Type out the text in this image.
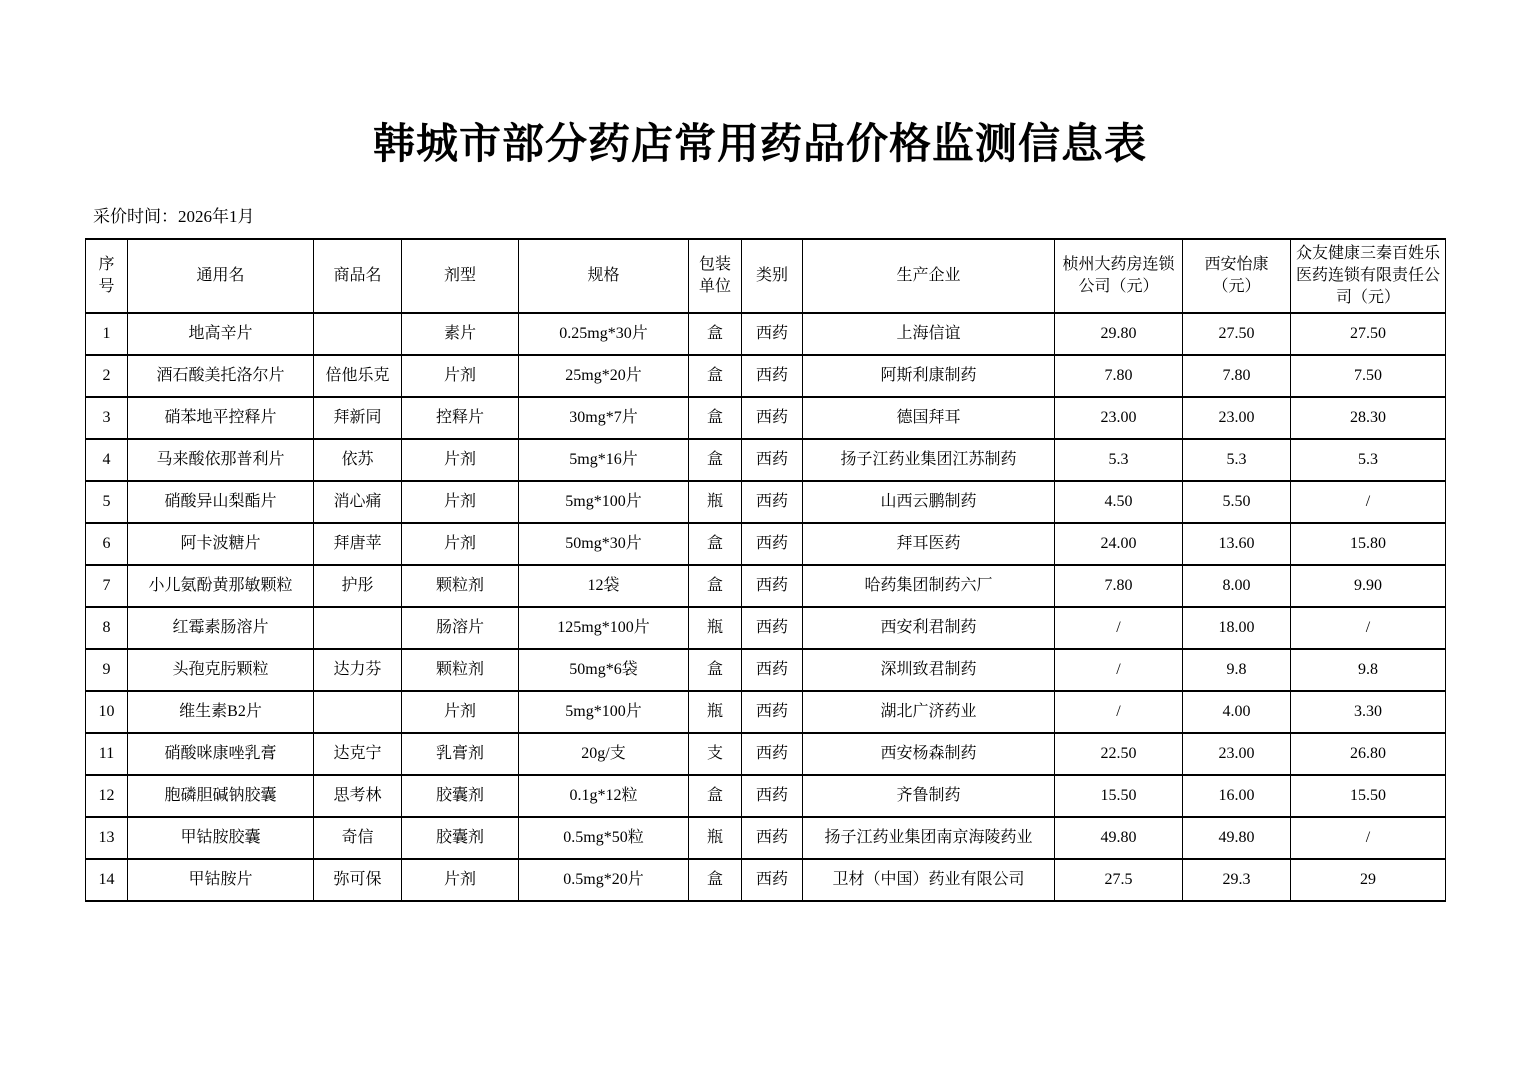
韩城市部分药店常用药品价格监测信息表
采价时间：2026年1月
序号	通用名	商品名	剂型	规格	包装单位	类别	生产企业	桢州大药房连锁公司（元）	西安怡康（元）	众友健康三秦百姓乐医药连锁有限责任公司（元）
1	地高辛片		素片	0.25mg*30片	盒	西药	上海信谊	29.80	27.50	27.50
2	酒石酸美托洛尔片	倍他乐克	片剂	25mg*20片	盒	西药	阿斯利康制药	7.80	7.80	7.50
3	硝苯地平控释片	拜新同	控释片	30mg*7片	盒	西药	德国拜耳	23.00	23.00	28.30
4	马来酸依那普利片	依苏	片剂	5mg*16片	盒	西药	扬子江药业集团江苏制药	5.3	5.3	5.3
5	硝酸异山梨酯片	消心痛	片剂	5mg*100片	瓶	西药	山西云鹏制药	4.50	5.50	/
6	阿卡波糖片	拜唐苹	片剂	50mg*30片	盒	西药	拜耳医药	24.00	13.60	15.80
7	小儿氨酚黄那敏颗粒	护彤	颗粒剂	12袋	盒	西药	哈药集团制药六厂	7.80	8.00	9.90
8	红霉素肠溶片		肠溶片	125mg*100片	瓶	西药	西安利君制药	/	18.00	/
9	头孢克肟颗粒	达力芬	颗粒剂	50mg*6袋	盒	西药	深圳致君制药	/	9.8	9.8
10	维生素B2片		片剂	5mg*100片	瓶	西药	湖北广济药业	/	4.00	3.30
11	硝酸咪康唑乳膏	达克宁	乳膏剂	20g/支	支	西药	西安杨森制药	22.50	23.00	26.80
12	胞磷胆碱钠胶囊	思考林	胶囊剂	0.1g*12粒	盒	西药	齐鲁制药	15.50	16.00	15.50
13	甲钴胺胶囊	奇信	胶囊剂	0.5mg*50粒	瓶	西药	扬子江药业集团南京海陵药业	49.80	49.80	/
14	甲钴胺片	弥可保	片剂	0.5mg*20片	盒	西药	卫材（中国）药业有限公司	27.5	29.3	29
